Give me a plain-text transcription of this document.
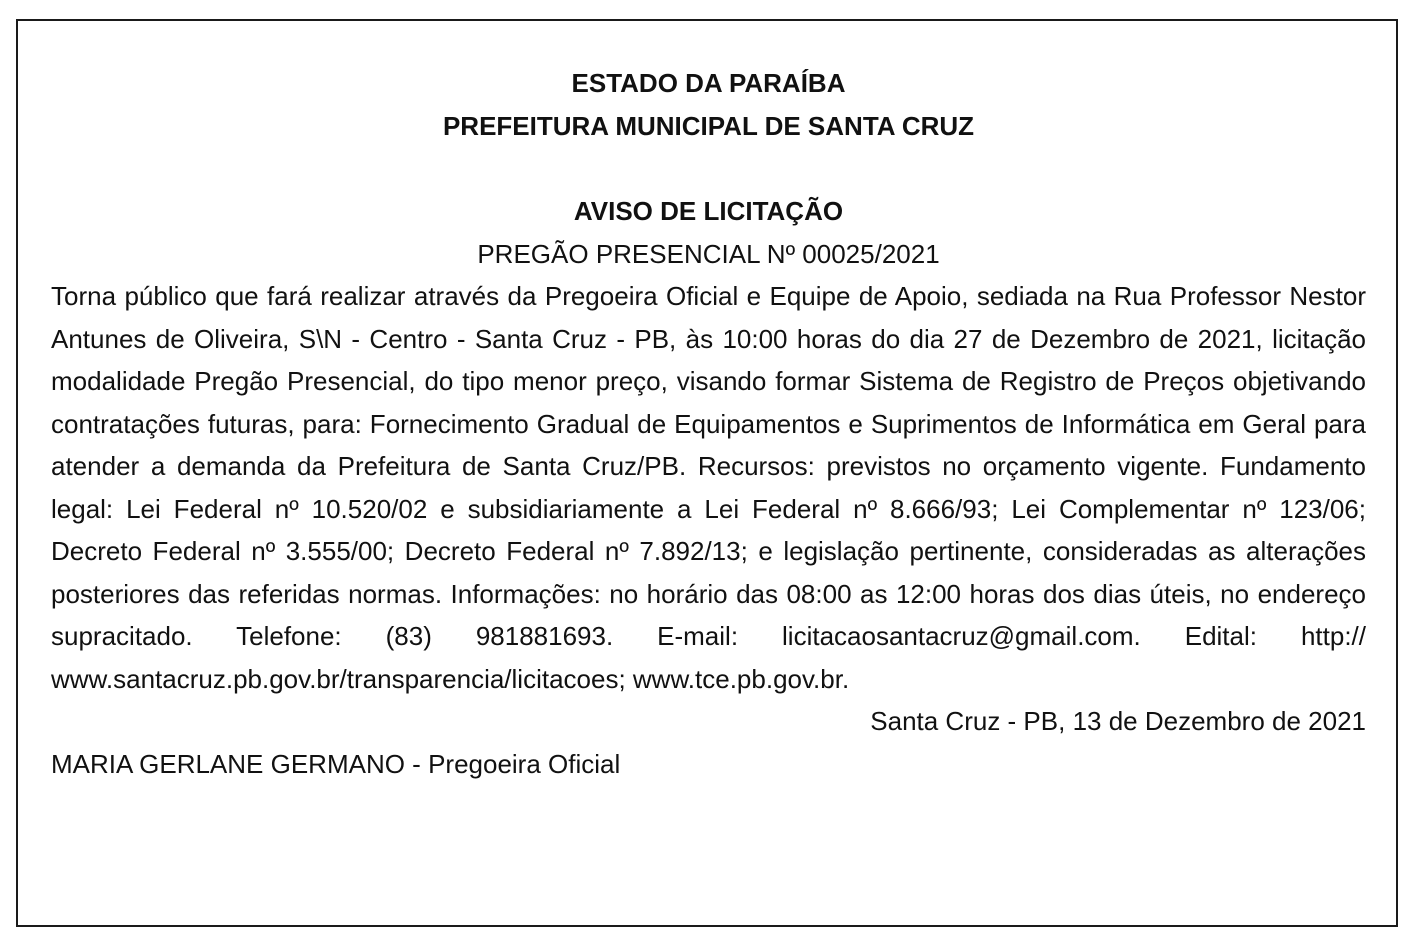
ESTADO DA PARAÍBA

PREFEITURA MUNICIPAL DE SANTA CRUZ

AVISO DE LICITAÇÃO

PREGÃO PRESENCIAL Nº 00025/2021

Torna público que fará realizar através da Pregoeira Oficial e Equipe de Apoio, sediada na Rua Professor Nestor Antunes de Oliveira, S\N - Centro - Santa Cruz - PB, às 10:00 horas do dia 27 de Dezembro de 2021, licitação modalidade Pregão Presencial, do tipo menor preço, visando formar Sistema de Registro de Preços objetivando contratações futuras, para: Fornecimento Gradual de Equipamentos e Suprimentos de Informática em Geral para atender a demanda da Prefeitura de Santa Cruz/PB. Recursos: previstos no orçamento vigente. Fundamento legal: Lei Federal nº 10.520/02 e subsidiariamente a Lei Federal nº 8.666/93; Lei Complementar nº 123/06; Decreto Federal nº 3.555/00; Decreto Federal nº 7.892/13; e legislação pertinente, consideradas as alterações posteriores das referidas normas. Informações: no horário das 08:00 as 12:00 horas dos dias úteis, no endereço supracitado. Telefone: (83) 981881693. E-mail: licitacaosantacruz@gmail.com. Edital: http:// www.santacruz.pb.gov.br/transparencia/licitacoes; www.tce.pb.gov.br.

Santa Cruz - PB, 13 de Dezembro de 2021

MARIA GERLANE GERMANO - Pregoeira Oficial
